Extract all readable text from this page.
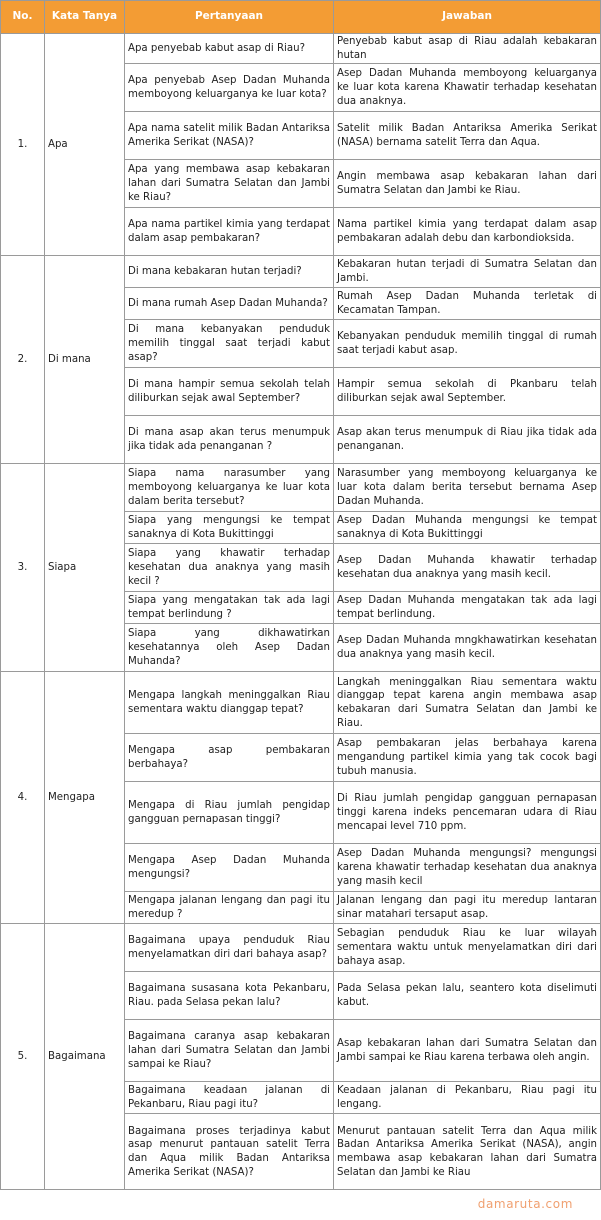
No.	Kata Tanya	Pertanyaan	Jawaban
1.	Apa	Apa penyebab kabut asap di Riau?	Penyebab kabut asap di Riau adalah kebakaran hutan
		Apa penyebab Asep Dadan Muhanda memboyong keluarganya ke luar kota?	Asep Dadan Muhanda memboyong keluarganya ke luar kota karena Khawatir terhadap kesehatan dua anaknya.
		Apa nama satelit milik Badan Antariksa Amerika Serikat (NASA)?	Satelit milik Badan Antariksa Amerika Serikat (NASA) bernama satelit Terra dan Aqua.
		Apa yang membawa asap kebakaran lahan dari Sumatra Selatan dan Jambi ke Riau?	Angin membawa asap kebakaran lahan dari Sumatra Selatan dan Jambi ke Riau.
		Apa nama partikel kimia yang terdapat dalam asap pembakaran?	Nama partikel kimia yang terdapat dalam asap pembakaran adalah debu dan karbondioksida.
2.	Di mana	Di mana kebakaran hutan terjadi?	Kebakaran hutan terjadi di Sumatra Selatan dan Jambi.
		Di mana rumah Asep Dadan Muhanda?	Rumah Asep Dadan Muhanda terletak di Kecamatan Tampan.
		Di mana kebanyakan penduduk memilih tinggal saat terjadi kabut asap?	Kebanyakan penduduk memilih tinggal di rumah saat terjadi kabut asap.
		Di mana hampir semua sekolah telah diliburkan sejak awal September?	Hampir semua sekolah di Pkanbaru telah diliburkan sejak awal September.
		Di mana asap akan terus menumpuk jika tidak ada penanganan ?	Asap akan terus menumpuk di Riau jika tidak ada penanganan.
3.	Siapa	Siapa nama narasumber yang memboyong keluarganya ke luar kota dalam berita tersebut?	Narasumber yang memboyong keluarganya ke luar kota dalam berita tersebut bernama Asep Dadan Muhanda.
		Siapa yang mengungsi ke tempat sanaknya di Kota Bukittinggi	Asep Dadan Muhanda mengungsi ke tempat sanaknya di Kota Bukittinggi
		Siapa yang khawatir terhadap kesehatan dua anaknya yang masih kecil ?	Asep Dadan Muhanda khawatir terhadap kesehatan dua anaknya yang masih kecil.
		Siapa yang mengatakan tak ada lagi tempat berlindung ?	Asep Dadan Muhanda mengatakan tak ada lagi tempat berlindung.
		Siapa yang dikhawatirkan kesehatannya oleh Asep Dadan Muhanda?	Asep Dadan Muhanda mngkhawatirkan kesehatan dua anaknya yang masih kecil.
4.	Mengapa	Mengapa langkah meninggalkan Riau sementara waktu dianggap tepat?	Langkah meninggalkan Riau sementara waktu dianggap tepat karena angin membawa asap kebakaran dari Sumatra Selatan dan Jambi ke Riau.
		Mengapa asap pembakaran berbahaya?	Asap pembakaran jelas berbahaya karena mengandung partikel kimia yang tak cocok bagi tubuh manusia.
		Mengapa di Riau jumlah pengidap gangguan pernapasan tinggi?	Di Riau jumlah pengidap gangguan pernapasan tinggi karena indeks pencemaran udara di Riau mencapai level 710 ppm.
		Mengapa Asep Dadan Muhanda mengungsi?	Asep Dadan Muhanda mengungsi? mengungsi karena khawatir terhadap kesehatan dua anaknya yang masih kecil
		Mengapa jalanan lengang dan pagi itu meredup ?	Jalanan lengang dan pagi itu meredup lantaran sinar matahari tersaput asap.
5.	Bagaimana	Bagaimana upaya penduduk Riau menyelamatkan diri dari bahaya asap?	Sebagian penduduk Riau ke luar wilayah sementara waktu untuk menyelamatkan diri dari bahaya asap.
		Bagaimana susasana kota Pekanbaru, Riau. pada Selasa pekan lalu?	Pada Selasa pekan lalu, seantero kota diselimuti kabut.
		Bagaimana caranya asap kebakaran lahan dari Sumatra Selatan dan Jambi sampai ke Riau?	Asap kebakaran lahan dari Sumatra Selatan dan Jambi sampai ke Riau karena terbawa oleh angin.
		Bagaimana keadaan jalanan di Pekanbaru, Riau pagi itu?	Keadaan jalanan di Pekanbaru, Riau pagi itu lengang.
		Bagaimana proses terjadinya kabut asap menurut pantauan satelit Terra dan Aqua milik Badan Antariksa Amerika Serikat (NASA)?	Menurut pantauan satelit Terra dan Aqua milik Badan Antariksa Amerika Serikat (NASA), angin membawa asap kebakaran lahan dari Sumatra Selatan dan Jambi ke Riau
damaruta.com
